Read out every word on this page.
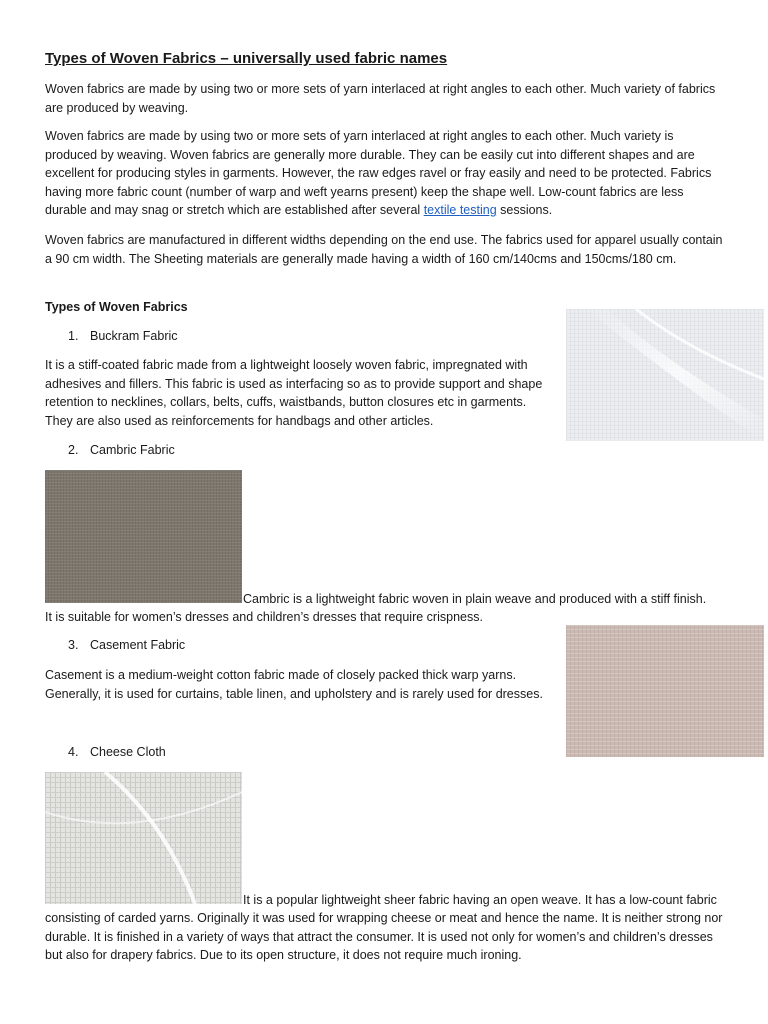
Types of Woven Fabrics – universally used fabric names
Woven fabrics are made by using two or more sets of yarn interlaced at right angles to each other. Much variety of fabrics are produced by weaving.
Woven fabrics are made by using two or more sets of yarn interlaced at right angles to each other. Much variety is produced by weaving. Woven fabrics are generally more durable. They can be easily cut into different shapes and are excellent for producing styles in garments. However, the raw edges ravel or fray easily and need to be protected. Fabrics having more fabric count (number of warp and weft yearns present) keep the shape well. Low-count fabrics are less durable and may snag or stretch which are established after several textile testing sessions.
Woven fabrics are manufactured in different widths depending on the end use. The fabrics used for apparel usually contain a 90 cm width. The Sheeting materials are generally made having a width of 160 cm/140cms and 150cms/180 cm.
Types of Woven Fabrics
1. Buckram Fabric
It is a stiff-coated fabric made from a lightweight loosely woven fabric, impregnated with adhesives and fillers. This fabric is used as interfacing so as to provide support and shape retention to necklines, collars, belts, cuffs, waistbands, button closures etc in garments. They are also used as reinforcements for handbags and other articles.
2. Cambric Fabric
Cambric is a lightweight fabric woven in plain weave and produced with a stiff finish.
It is suitable for women’s dresses and children’s dresses that require crispness.
3. Casement Fabric
Casement is a medium-weight cotton fabric made of closely packed thick warp yarns. Generally, it is used for curtains, table linen, and upholstery and is rarely used for dresses.
4. Cheese Cloth
It is a popular lightweight sheer fabric having an open weave. It has a low-count fabric
consisting of carded yarns. Originally it was used for wrapping cheese or meat and hence the name. It is neither strong nor durable. It is finished in a variety of ways that attract the consumer. It is used not only for women’s and children’s dresses but also for drapery fabrics. Due to its open structure, it does not require much ironing.
